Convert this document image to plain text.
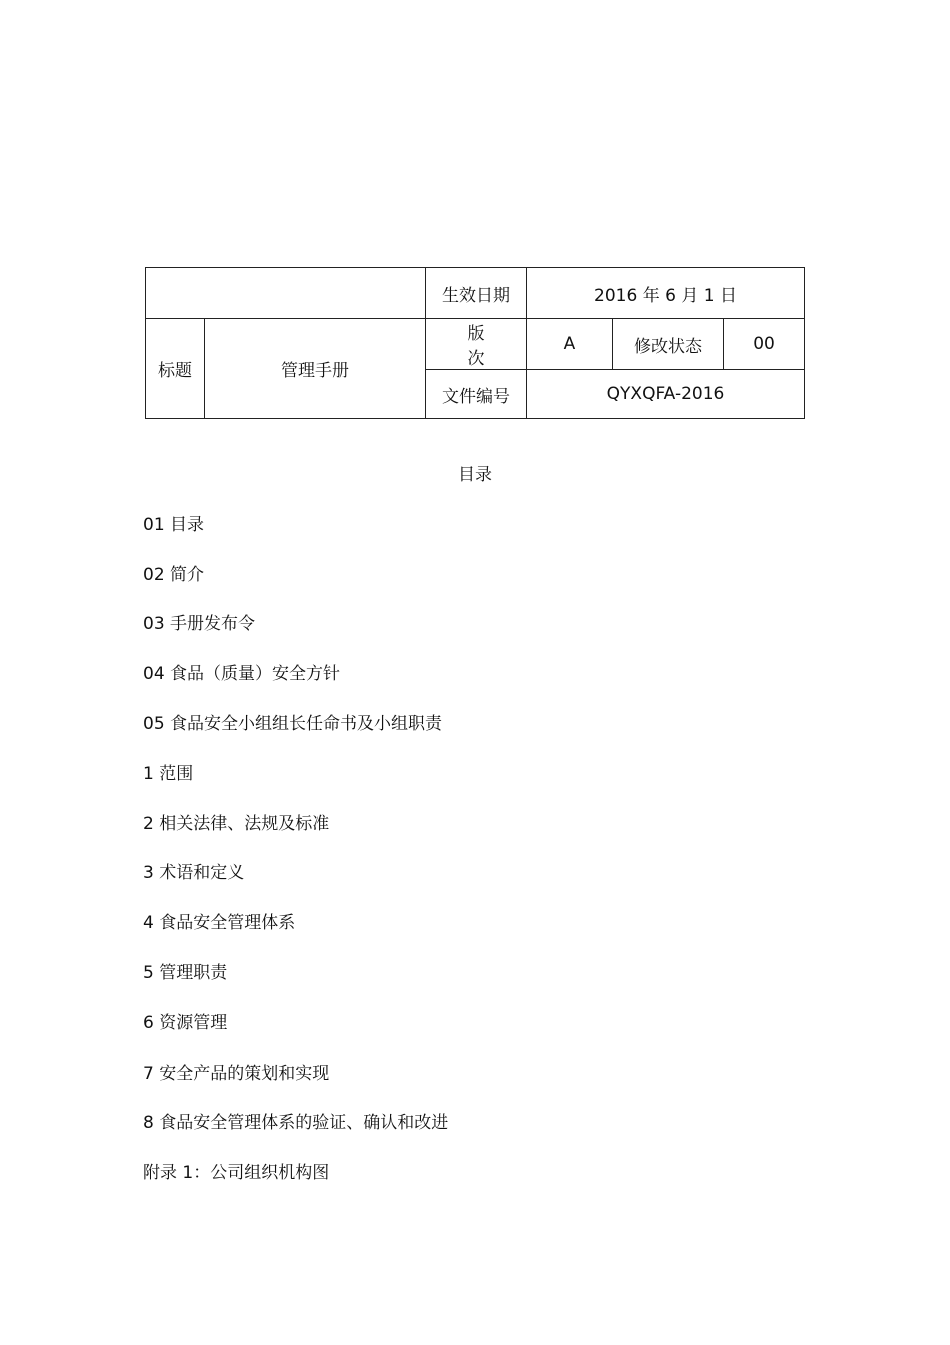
		生效日期	2016 年 6 月 1 日		
标题	管理手册	版 次	A	修改状态	00
		文件编号	QYXQFA-2016		
目录
01 目录
02 简介
03 手册发布令
04 食品（质量）安全方针
05 食品安全小组组长任命书及小组职责
1 范围
2 相关法律、法规及标准
3 术语和定义
4 食品安全管理体系
5 管理职责
6 资源管理
7 安全产品的策划和实现
8 食品安全管理体系的验证、确认和改进
附录 1：公司组织机构图
